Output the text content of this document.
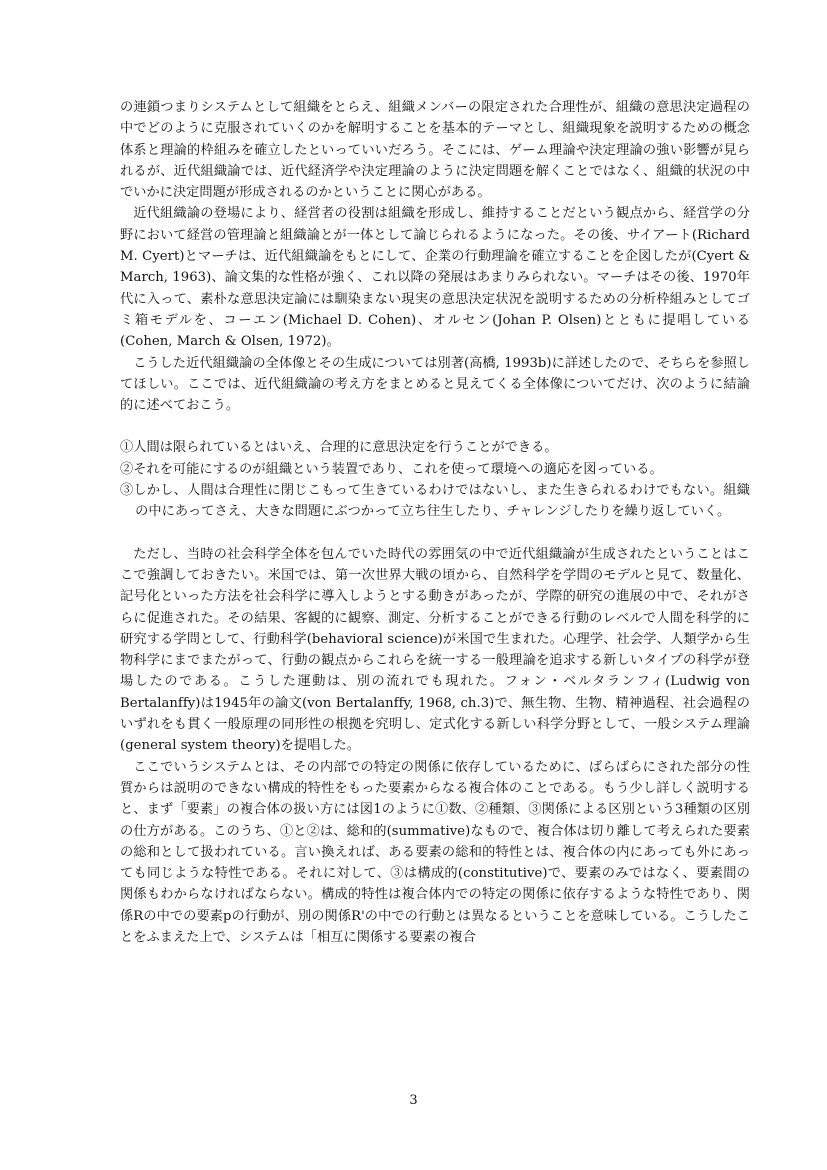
の連鎖つまりシステムとして組織をとらえ、組織メンバーの限定された合理性が、組織の意思決定過程の中でどのように克服されていくのかを解明することを基本的テーマとし、組織現象を説明するための概念体系と理論的枠組みを確立したといっていいだろう。そこには、ゲーム理論や決定理論の強い影響が見られるが、近代組織論では、近代経済学や決定理論のように決定問題を解くことではなく、組織的状況の中でいかに決定問題が形成されるのかということに関心がある。

近代組織論の登場により、経営者の役割は組織を形成し、維持することだという観点から、経営学の分野において経営の管理論と組織論とが一体として論じられるようになった。その後、サイアート(Richard M. Cyert)とマーチは、近代組織論をもとにして、企業の行動理論を確立することを企図したが(Cyert & March, 1963)、論文集的な性格が強く、これ以降の発展はあまりみられない。マーチはその後、1970年代に入って、素朴な意思決定論には馴染まない現実の意思決定状況を説明するための分析枠組みとしてゴミ箱モデルを、コーエン(Michael D. Cohen)、オルセン(Johan P. Olsen)とともに提唱している(Cohen, March & Olsen, 1972)。

こうした近代組織論の全体像とその生成については別著(高橋, 1993b)に詳述したので、そちらを参照してほしい。ここでは、近代組織論の考え方をまとめると見えてくる全体像についてだけ、次のように結論的に述べておこう。

①人間は限られているとはいえ、合理的に意思決定を行うことができる。
②それを可能にするのが組織という装置であり、これを使って環境への適応を図っている。
③しかし、人間は合理性に閉じこもって生きているわけではないし、また生きられるわけでもない。組織の中にあってさえ、大きな問題にぶつかって立ち往生したり、チャレンジしたりを繰り返していく。

ただし、当時の社会科学全体を包んでいた時代の雰囲気の中で近代組織論が生成されたということはここで強調しておきたい。米国では、第一次世界大戦の頃から、自然科学を学問のモデルと見て、数量化、記号化といった方法を社会科学に導入しようとする動きがあったが、学際的研究の進展の中で、それがさらに促進された。その結果、客観的に観察、測定、分析することができる行動のレベルで人間を科学的に研究する学問として、行動科学(behavioral science)が米国で生まれた。心理学、社会学、人類学から生物科学にまでまたがって、行動の観点からこれらを統一する一般理論を追求する新しいタイプの科学が登場したのである。こうした運動は、別の流れでも現れた。フォン・ベルタランフィ(Ludwig von Bertalanffy)は1945年の論文(von Bertalanffy, 1968, ch.3)で、無生物、生物、精神過程、社会過程のいずれをも貫く一般原理の同形性の根拠を究明し、定式化する新しい科学分野として、一般システム理論(general system theory)を提唱した。

ここでいうシステムとは、その内部での特定の関係に依存しているために、ばらばらにされた部分の性質からは説明のできない構成的特性をもった要素からなる複合体のことである。もう少し詳しく説明すると、まず「要素」の複合体の扱い方には図1のように①数、②種類、③関係による区別という3種類の区別の仕方がある。このうち、①と②は、総和的(summative)なもので、複合体は切り離して考えられた要素の総和として扱われている。言い換えれば、ある要素の総和的特性とは、複合体の内にあっても外にあっても同じような特性である。それに対して、③は構成的(constitutive)で、要素のみではなく、要素間の関係もわからなければならない。構成的特性は複合体内での特定の関係に依存するような特性であり、関係Rの中での要素pの行動が、別の関係R'の中での行動とは異なるということを意味している。こうしたことをふまえた上で、システムは「相互に関係する要素の複合

3
